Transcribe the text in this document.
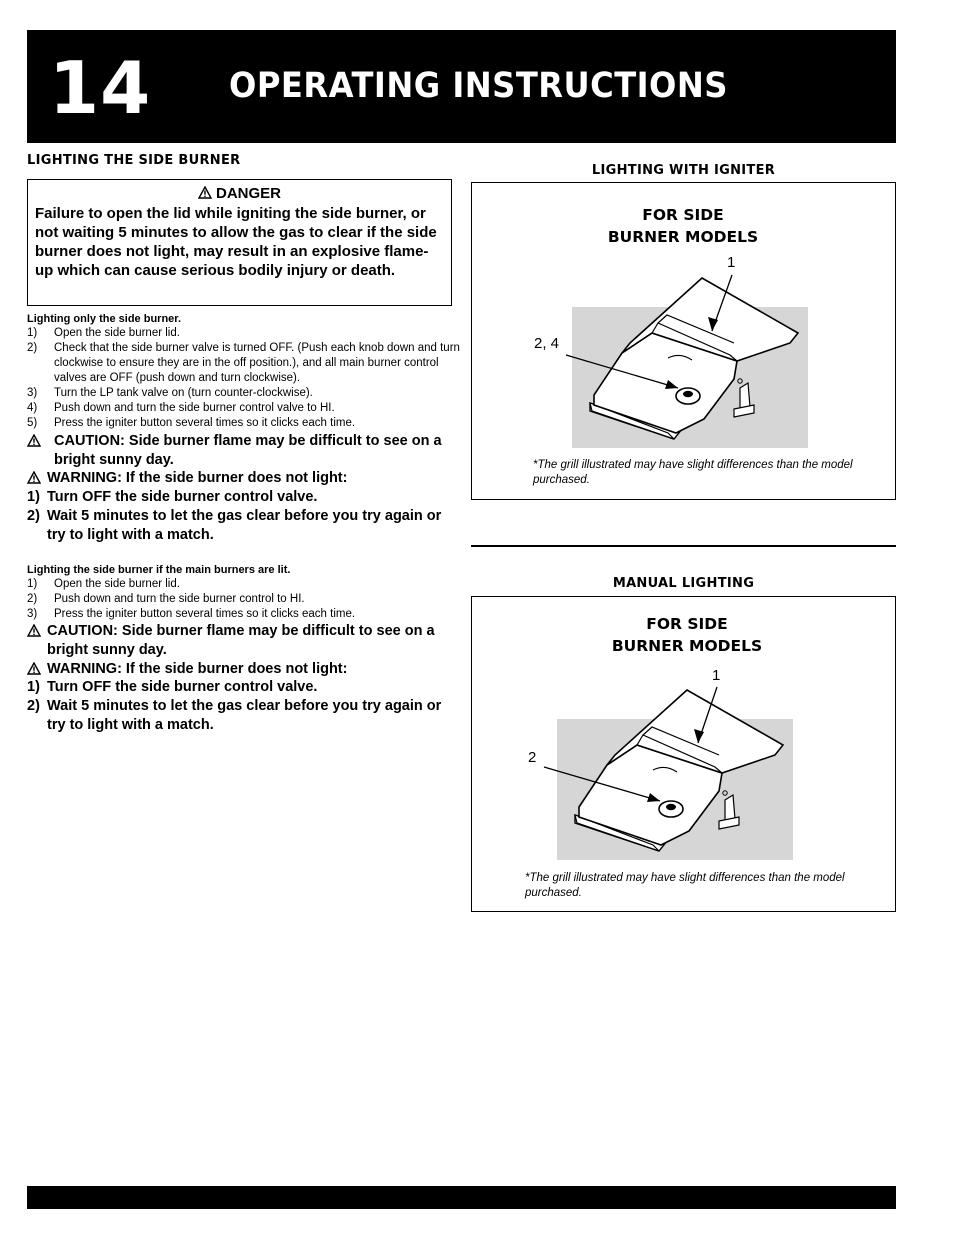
14 OPERATING INSTRUCTIONS
LIGHTING THE SIDE BURNER
DANGER
Failure to open the lid while igniting the side burner, or not waiting 5 minutes to allow the gas to clear if the side burner does not light, may result in an explosive flame-up which can cause serious bodily injury or death.
Lighting only the side burner.
1) Open the side burner lid.
2) Check that the side burner valve is turned OFF. (Push each knob down and turn clockwise to ensure they are in the off position.), and all main burner control valves are OFF (push down and turn clockwise).
3) Turn the LP tank valve on (turn counter-clockwise).
4) Push down and turn the side burner control valve to HI.
5) Press the igniter button several times so it clicks each time.
CAUTION: Side burner flame may be difficult to see on a bright sunny day.
WARNING: If the side burner does not light:
1) Turn OFF the side burner control valve.
2) Wait 5 minutes to let the gas clear before you try again or try to light with a match.
Lighting the side burner if the main burners are lit.
1) Open the side burner lid.
2) Push down and turn the side burner control to HI.
3) Press the igniter button several times so it clicks each time.
CAUTION: Side burner flame may be difficult to see on a bright sunny day.
WARNING: If the side burner does not light:
1) Turn OFF the side burner control valve.
2) Wait 5 minutes to let the gas clear before you try again or try to light with a match.
LIGHTING WITH IGNITER
FOR SIDE
BURNER MODELS
1
2, 4
*The grill illustrated may have slight differences than the model purchased.
MANUAL LIGHTING
FOR SIDE
BURNER MODELS
1
2
*The grill illustrated may have slight differences than the model purchased.
